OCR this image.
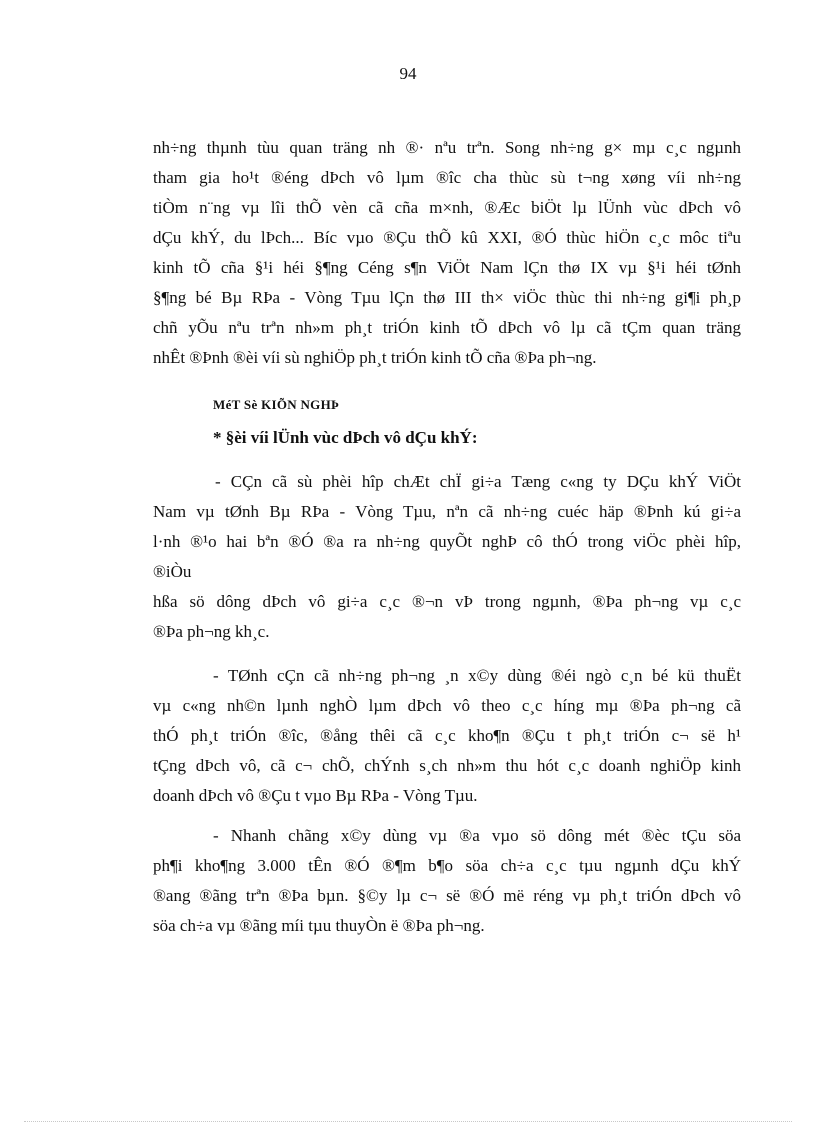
94
nh÷ng thµnh tùu quan träng nh ®· nªu trªn. Song nh÷ng g× mµ c¸c ngµnh
tham gia ho¹t ®éng dÞch vô lµm ®îc cha thùc sù t¬ng xøng víi nh÷ng
tiÒm n¨ng vµ lîi thÕ vèn cã cña m×nh, ®Æc biÖt lµ lÜnh vùc dÞch vô
dÇu khÝ, du lÞch... Bíc vµo ®Çu thÕ kû XXI, ®Ó thùc hiÖn c¸c môc tiªu
kinh tÕ cña §¹i héi §¶ng Céng s¶n ViÖt Nam lÇn thø IX vµ §¹i héi tØnh
§¶ng bé Bµ RÞa - Vòng Tµu lÇn thø III th× viÖc thùc thi nh÷ng gi¶i ph¸p
chñ yÕu nªu trªn nh»m ph¸t triÓn kinh tÕ dÞch vô lµ cã tÇm quan träng
nhÊt ®Þnh ®èi víi sù nghiÖp ph¸t triÓn kinh tÕ cña ®Þa ph¬ng.
MéT Sè KIÕN NGHÞ
* §èi víi lÜnh vùc dÞch vô dÇu khÝ:
- CÇn cã sù phèi hîp chÆt chÏ gi÷a Tæng c«ng ty DÇu khÝ ViÖt
Nam vµ tØnh Bµ RÞa - Vòng Tµu, nªn cã nh÷ng cuéc häp ®Þnh kú gi÷a
l·nh ®¹o hai bªn ®Ó ®a ra nh÷ng quyÕt nghÞ cô thÓ trong viÖc phèi hîp,
®iÒu
hßa sö dông dÞch vô gi÷a c¸c ®¬n vÞ trong ngµnh, ®Þa ph¬ng vµ c¸c
®Þa ph¬ng kh¸c.
- TØnh cÇn cã nh÷ng ph¬ng ¸n x©y dùng ®éi ngò c¸n bé kü thuËt
vµ c«ng nh©n lµnh nghÒ lµm dÞch vô theo c¸c híng mµ ®Þa ph¬ng cã
thÓ ph¸t triÓn ®îc, ®ång thêi cã c¸c kho¶n ®Çu t ph¸t triÓn c¬ së h¹
tÇng dÞch vô, cã c¬ chÕ, chÝnh s¸ch nh»m thu hót c¸c doanh nghiÖp kinh
doanh dÞch vô ®Çu t vµo Bµ RÞa - Vòng Tµu.
- Nhanh chãng x©y dùng vµ ®a vµo sö dông mét ®èc tÇu söa
ph¶i kho¶ng 3.000 tÊn ®Ó ®¶m b¶o söa ch÷a c¸c tµu ngµnh dÇu khÝ
®ang ®ãng trªn ®Þa bµn. §©y lµ c¬ së ®Ó më réng vµ ph¸t triÓn dÞch vô
söa ch÷a vµ ®ãng míi tµu thuyÒn ë ®Þa ph¬ng.
